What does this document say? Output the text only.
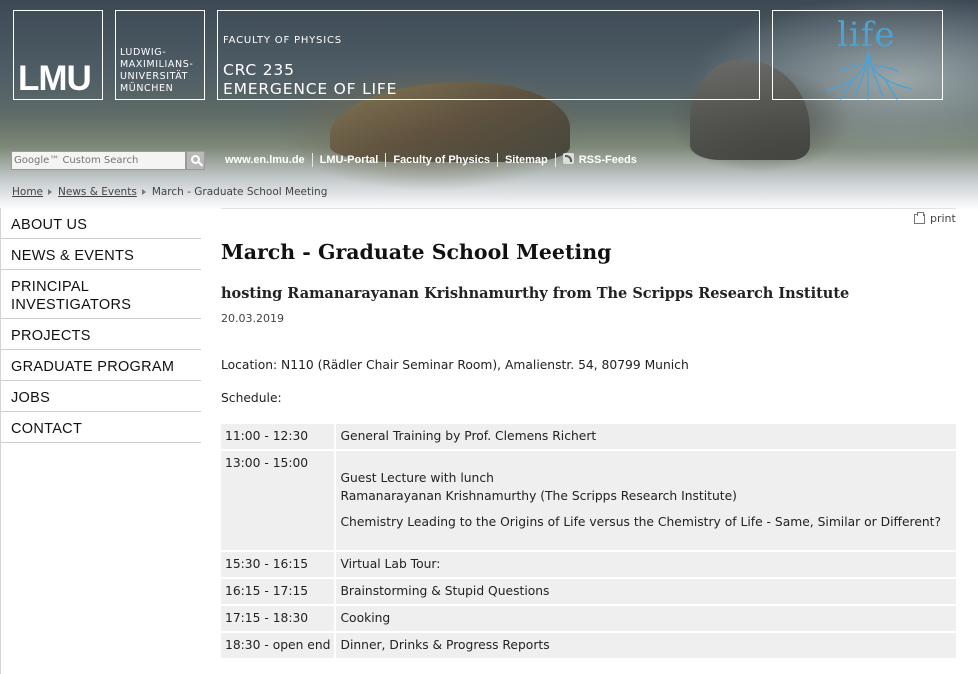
LMU
LUDWIG-
MAXIMILIANS-
UNIVERSITÄT
MÜNCHEN
FACULTY OF PHYSICS
CRC 235
EMERGENCE OF LIFE
life
Google™ Custom Search
www.en.lmu.de	LMU-Portal	Faculty of Physics	Sitemap	RSS-Feeds
Home News & Events March - Graduate School Meeting
ABOUT US
NEWS & EVENTS
PRINCIPAL INVESTIGATORS
PROJECTS
GRADUATE PROGRAM
JOBS
CONTACT
print
March - Graduate School Meeting
hosting Ramanarayanan Krishnamurthy from The Scripps Research Institute
20.03.2019
Location: N110 (Rädler Chair Seminar Room), Amalienstr. 54, 80799 Munich
Schedule:
11:00 - 12:30	General Training by Prof. Clemens Richert

13:00 - 15:00	Guest Lecture with lunch
Ramanarayanan Krishnamurthy (The Scripps Research Institute)
Chemistry Leading to the Origins of Life versus the Chemistry of Life - Same, Similar or Different?

15:30 - 16:15	Virtual Lab Tour:

16:15 - 17:15	Brainstorming & Stupid Questions

17:15 - 18:30	Cooking

18:30 - open end	Dinner, Drinks & Progress Reports
